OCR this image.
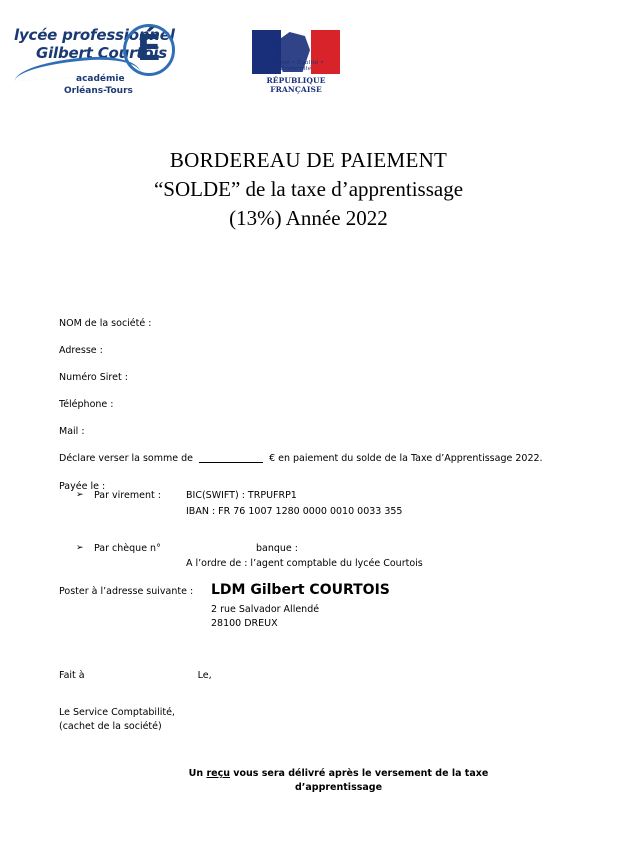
lycée professionnel
Gilbert Courtois
É
académie
Orléans-Tours
Liberté • Égalité • Fraternité
RÉPUBLIQUE FRANÇAISE
BORDEREAU DE PAIEMENT
“SOLDE” de la taxe d’apprentissage
(13%) Année 2022
NOM de la société :
Adresse :
Numéro Siret :
Téléphone :
Mail :
Déclare verser la somme de	€ en paiement du solde de la Taxe d’Apprentissage 2022.
Payée le :
➢ Par virement :	BIC(SWIFT) : TRPUFRP1
IBAN : FR 76 1007 1280 0000 0010 0033 355
➢ Par chèque n°	banque :
A l’ordre de : l’agent comptable du lycée Courtois
Poster à l’adresse suivante : LDM Gilbert COURTOIS
2 rue Salvador Allendé
28100 DREUX
Fait à	Le,
Le Service Comptabilité,
(cachet de la société)
Un reçu vous sera délivré après le versement de la taxe
d’apprentissage
